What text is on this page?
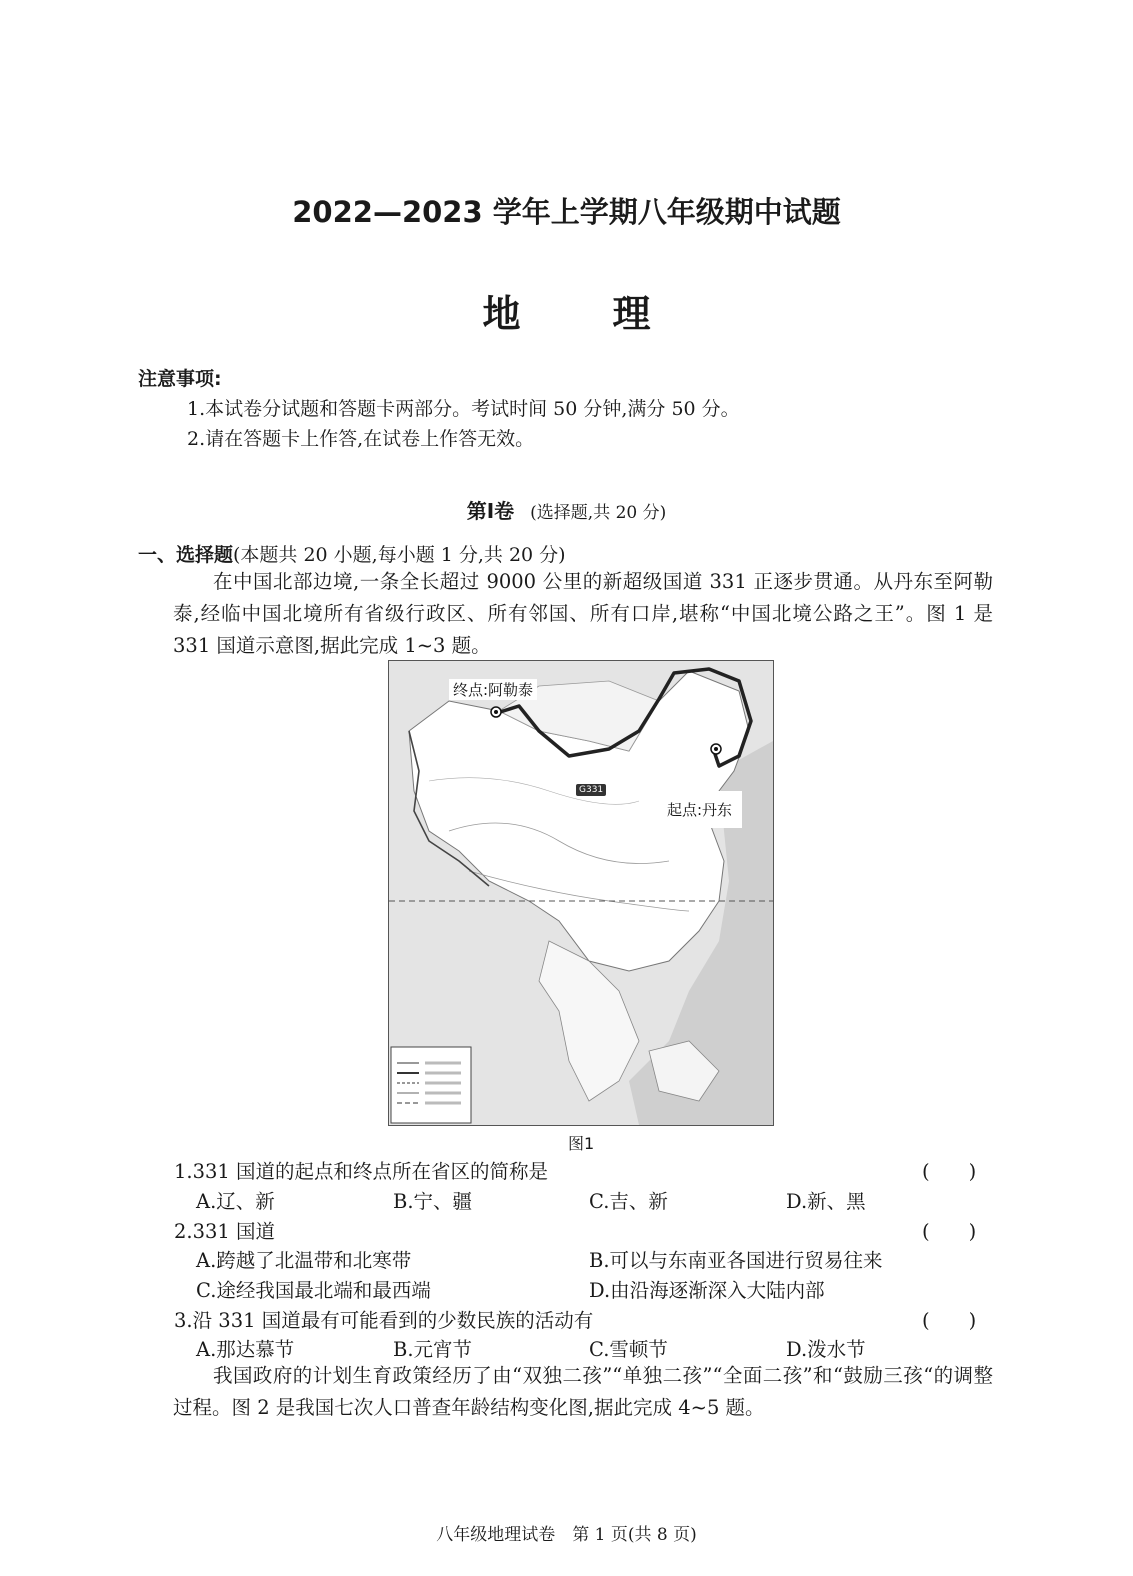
2022—2023 学年上学期八年级期中试题
地 理
注意事项:
1.本试卷分试题和答题卡两部分。考试时间 50 分钟,满分 50 分。
2.请在答题卡上作答,在试卷上作答无效。
第Ⅰ卷 (选择题,共 20 分)
一、选择题(本题共 20 小题,每小题 1 分,共 20 分)
在中国北部边境,一条全长超过 9000 公里的新超级国道 331 正逐步贯通。从丹东至阿勒泰,经临中国北境所有省级行政区、所有邻国、所有口岸,堪称“中国北境公路之王”。图 1 是 331 国道示意图,据此完成 1~3 题。
终点:阿勒泰
起点:丹东
G331
图1
1.331 国道的起点和终点所在省区的简称是	(　　)
A.辽、新	B.宁、疆	C.吉、新	D.新、黑
2.331 国道	(　　)
A.跨越了北温带和北寒带	B.可以与东南亚各国进行贸易往来
C.途经我国最北端和最西端	D.由沿海逐渐深入大陆内部
3.沿 331 国道最有可能看到的少数民族的活动有	(　　)
A.那达慕节	B.元宵节	C.雪顿节	D.泼水节
我国政府的计划生育政策经历了由“双独二孩”“单独二孩”“全面二孩”和“鼓励三孩“的调整过程。图 2 是我国七次人口普查年龄结构变化图,据此完成 4~5 题。
八年级地理试卷　第 1 页(共 8 页)
